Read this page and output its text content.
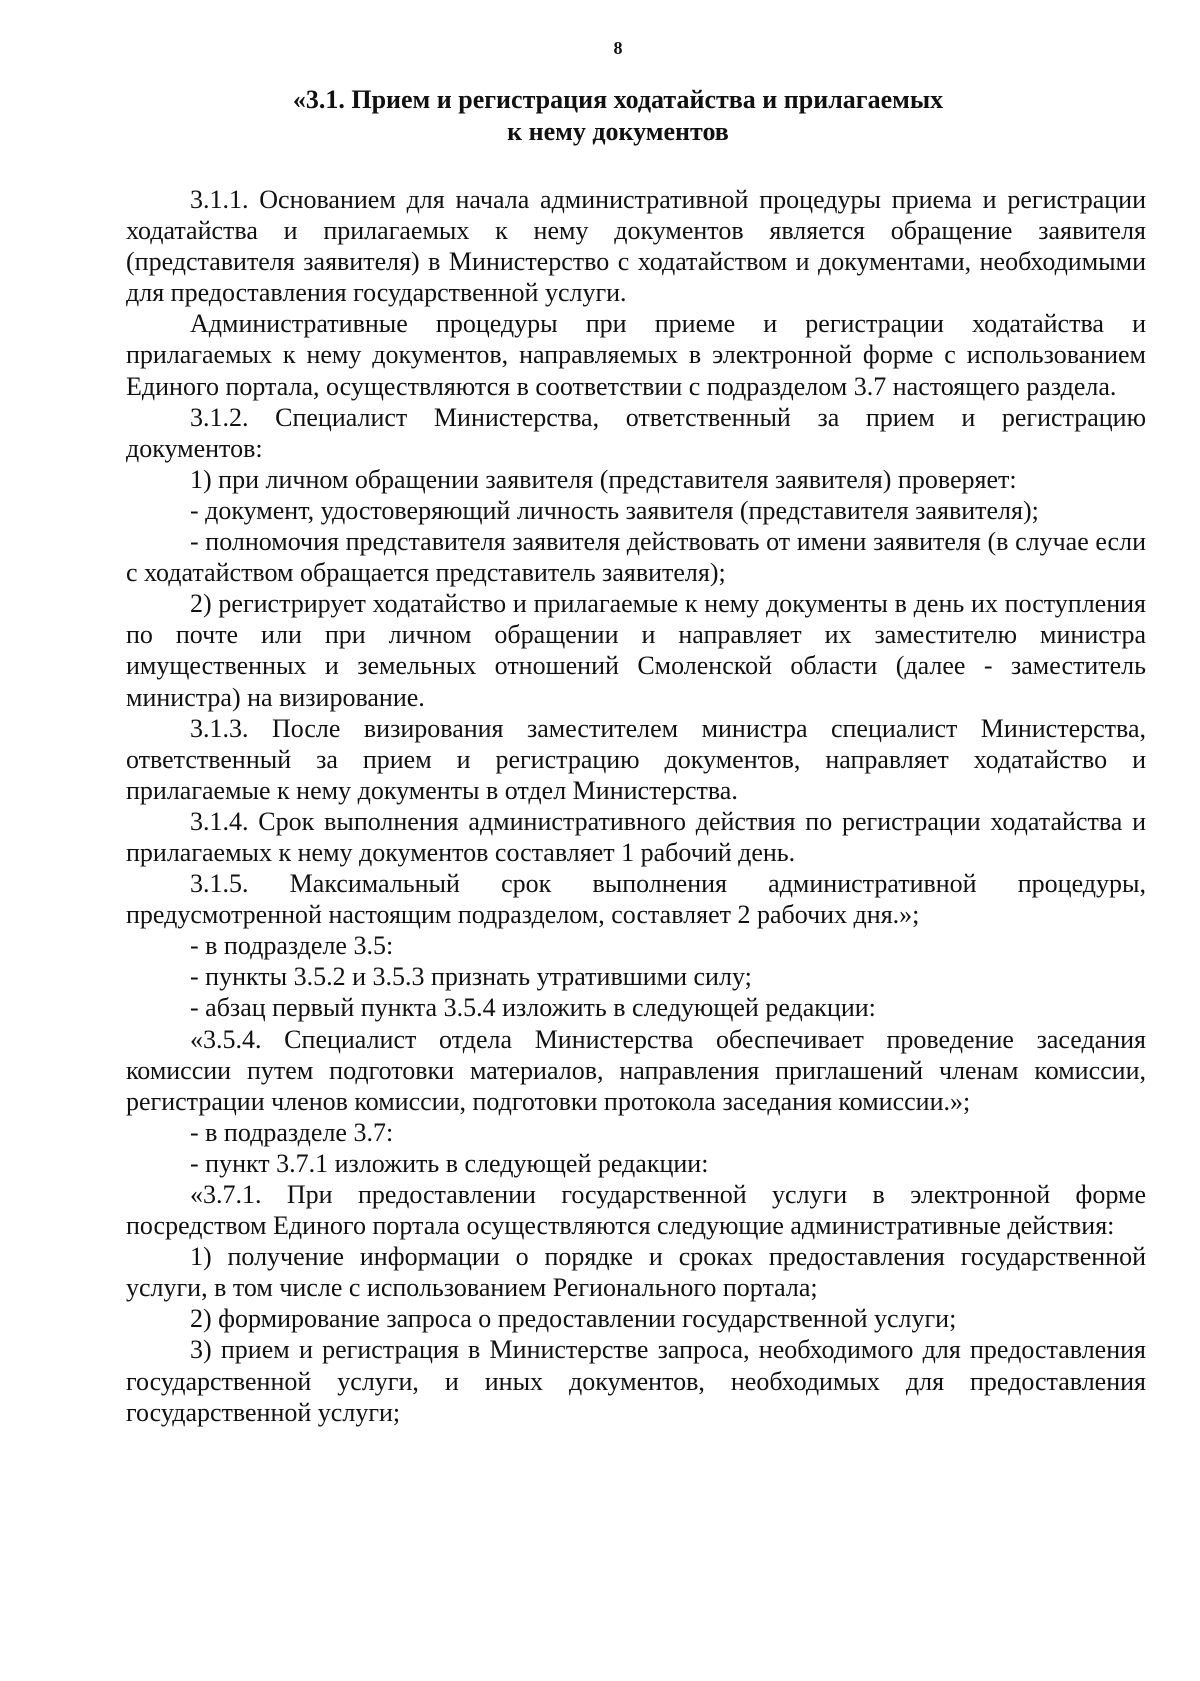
8
«3.1. Прием и регистрация ходатайства и прилагаемых
к нему документов

3.1.1. Основанием для начала административной процедуры приема и регистрации ходатайства и прилагаемых к нему документов является обращение заявителя (представителя заявителя) в Министерство с ходатайством и документами, необходимыми для предоставления государственной услуги.

Административные процедуры при приеме и регистрации ходатайства и прилагаемых к нему документов, направляемых в электронной форме с использованием Единого портала, осуществляются в соответствии с подразделом 3.7 настоящего раздела.

3.1.2. Специалист Министерства, ответственный за прием и регистрацию документов:

1) при личном обращении заявителя (представителя заявителя) проверяет:

- документ, удостоверяющий личность заявителя (представителя заявителя);

- полномочия представителя заявителя действовать от имени заявителя (в случае если с ходатайством обращается представитель заявителя);

2) регистрирует ходатайство и прилагаемые к нему документы в день их поступления по почте или при личном обращении и направляет их заместителю министра имущественных и земельных отношений Смоленской области (далее - заместитель министра) на визирование.

3.1.3. После визирования заместителем министра специалист Министерства, ответственный за прием и регистрацию документов, направляет ходатайство и прилагаемые к нему документы в отдел Министерства.

3.1.4. Срок выполнения административного действия по регистрации ходатайства и прилагаемых к нему документов составляет 1 рабочий день.

3.1.5. Максимальный срок выполнения административной процедуры, предусмотренной настоящим подразделом, составляет 2 рабочих дня.»;

- в подразделе 3.5:

- пункты 3.5.2 и 3.5.3 признать утратившими силу;

- абзац первый пункта 3.5.4 изложить в следующей редакции:

«3.5.4. Специалист отдела Министерства обеспечивает проведение заседания комиссии путем подготовки материалов, направления приглашений членам комиссии, регистрации членов комиссии, подготовки протокола заседания комиссии.»;

- в подразделе 3.7:

- пункт 3.7.1 изложить в следующей редакции:

«3.7.1. При предоставлении государственной услуги в электронной форме посредством Единого портала осуществляются следующие административные действия:

1) получение информации о порядке и сроках предоставления государственной услуги, в том числе с использованием Регионального портала;

2) формирование запроса о предоставлении государственной услуги;

3) прием и регистрация в Министерстве запроса, необходимого для предоставления государственной услуги, и иных документов, необходимых для предоставления государственной услуги;
